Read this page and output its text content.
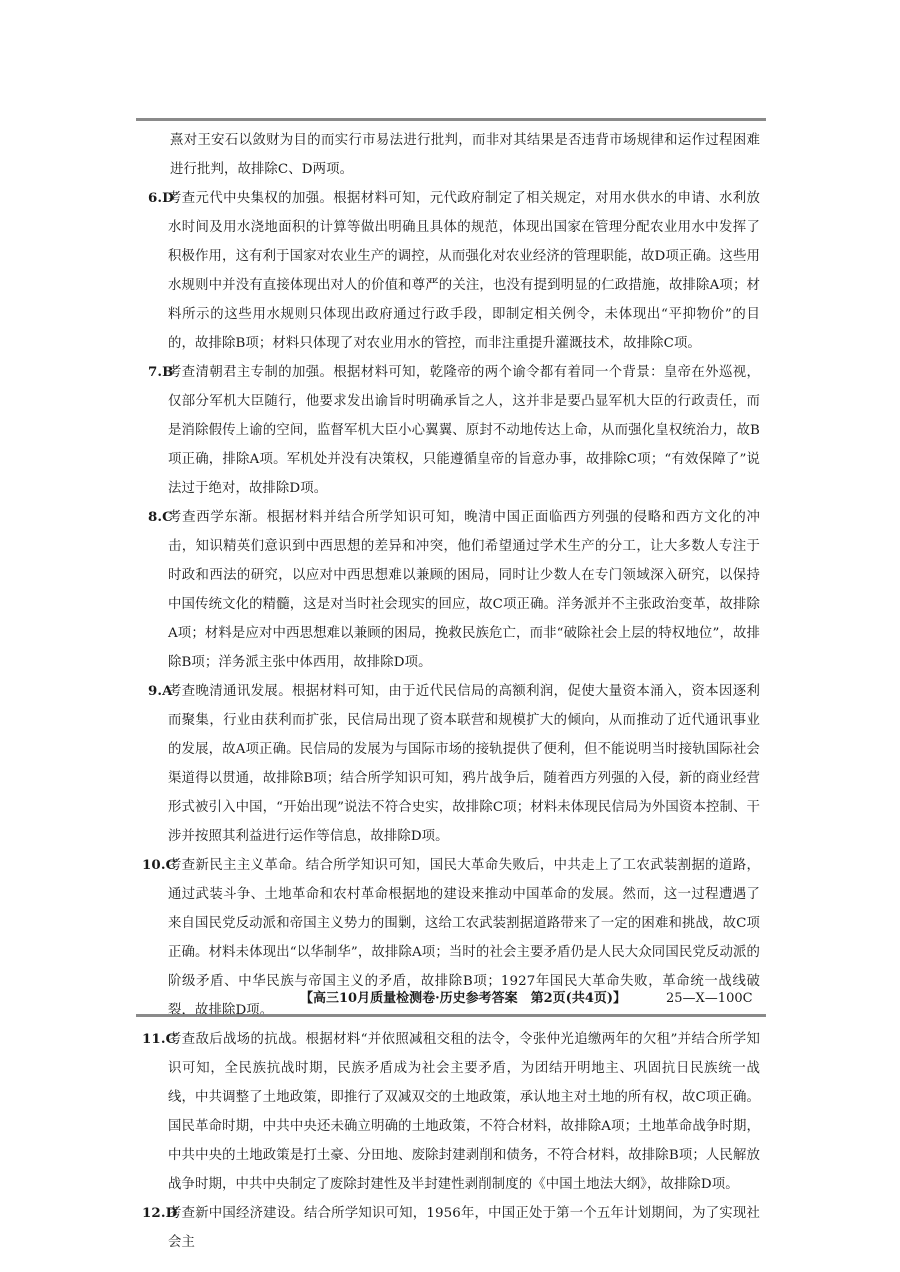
熹对王安石以敛财为目的而实行市易法进行批判，而非对其结果是否违背市场规律和运作过程困难进行批判，故排除C、D两项。

6.D
考查元代中央集权的加强。根据材料可知，元代政府制定了相关规定，对用水供水的申请、水利放水时间及用水浇地面积的计算等做出明确且具体的规范，体现出国家在管理分配农业用水中发挥了积极作用，这有利于国家对农业生产的调控，从而强化对农业经济的管理职能，故D项正确。这些用水规则中并没有直接体现出对人的价值和尊严的关注，也没有提到明显的仁政措施，故排除A项；材料所示的这些用水规则只体现出政府通过行政手段，即制定相关例令，未体现出“平抑物价”的目的，故排除B项；材料只体现了对农业用水的管控，而非注重提升灌溉技术，故排除C项。
7.B
考查清朝君主专制的加强。根据材料可知，乾隆帝的两个谕令都有着同一个背景：皇帝在外巡视，仅部分军机大臣随行，他要求发出谕旨时明确承旨之人，这并非是要凸显军机大臣的行政责任，而是消除假传上谕的空间，监督军机大臣小心翼翼、原封不动地传达上命，从而强化皇权统治力，故B项正确，排除A项。军机处并没有决策权，只能遵循皇帝的旨意办事，故排除C项；“有效保障了”说法过于绝对，故排除D项。
8.C
考查西学东渐。根据材料并结合所学知识可知，晚清中国正面临西方列强的侵略和西方文化的冲击，知识精英们意识到中西思想的差异和冲突，他们希望通过学术生产的分工，让大多数人专注于时政和西法的研究，以应对中西思想难以兼顾的困局，同时让少数人在专门领域深入研究，以保持中国传统文化的精髓，这是对当时社会现实的回应，故C项正确。洋务派并不主张政治变革，故排除A项；材料是应对中西思想难以兼顾的困局，挽救民族危亡，而非“破除社会上层的特权地位”，故排除B项；洋务派主张中体西用，故排除D项。
9.A
考查晚清通讯发展。根据材料可知，由于近代民信局的高额利润，促使大量资本涌入，资本因逐利而聚集，行业由获利而扩张，民信局出现了资本联营和规模扩大的倾向，从而推动了近代通讯事业的发展，故A项正确。民信局的发展为与国际市场的接轨提供了便利，但不能说明当时接轨国际社会渠道得以贯通，故排除B项；结合所学知识可知，鸦片战争后，随着西方列强的入侵，新的商业经营形式被引入中国，“开始出现”说法不符合史实，故排除C项；材料未体现民信局为外国资本控制、干涉并按照其利益进行运作等信息，故排除D项。
10.C
考查新民主主义革命。结合所学知识可知，国民大革命失败后，中共走上了工农武装割据的道路，通过武装斗争、土地革命和农村革命根据地的建设来推动中国革命的发展。然而，这一过程遭遇了来自国民党反动派和帝国主义势力的围剿，这给工农武装割据道路带来了一定的困难和挑战，故C项正确。材料未体现出“以华制华”，故排除A项；当时的社会主要矛盾仍是人民大众同国民党反动派的阶级矛盾、中华民族与帝国主义的矛盾，故排除B项；1927年国民大革命失败，革命统一战线破裂，故排除D项。
11.C
考查敌后战场的抗战。根据材料“并依照减租交租的法令，令张仲光追缴两年的欠租”并结合所学知识可知，全民族抗战时期，民族矛盾成为社会主要矛盾，为团结开明地主、巩固抗日民族统一战线，中共调整了土地政策，即推行了双减双交的土地政策，承认地主对土地的所有权，故C项正确。国民革命时期，中共中央还未确立明确的土地政策，不符合材料，故排除A项；土地革命战争时期，中共中央的土地政策是打土豪、分田地、废除封建剥削和债务，不符合材料，故排除B项；人民解放战争时期，中共中央制定了废除封建性及半封建性剥削制度的《中国土地法大纲》，故排除D项。
12.D
考查新中国经济建设。结合所学知识可知，1956年，中国正处于第一个五年计划期间，为了实现社会主
【高三10月质量检测卷·历史参考答案　第2页(共4页)】	25—X—100C
